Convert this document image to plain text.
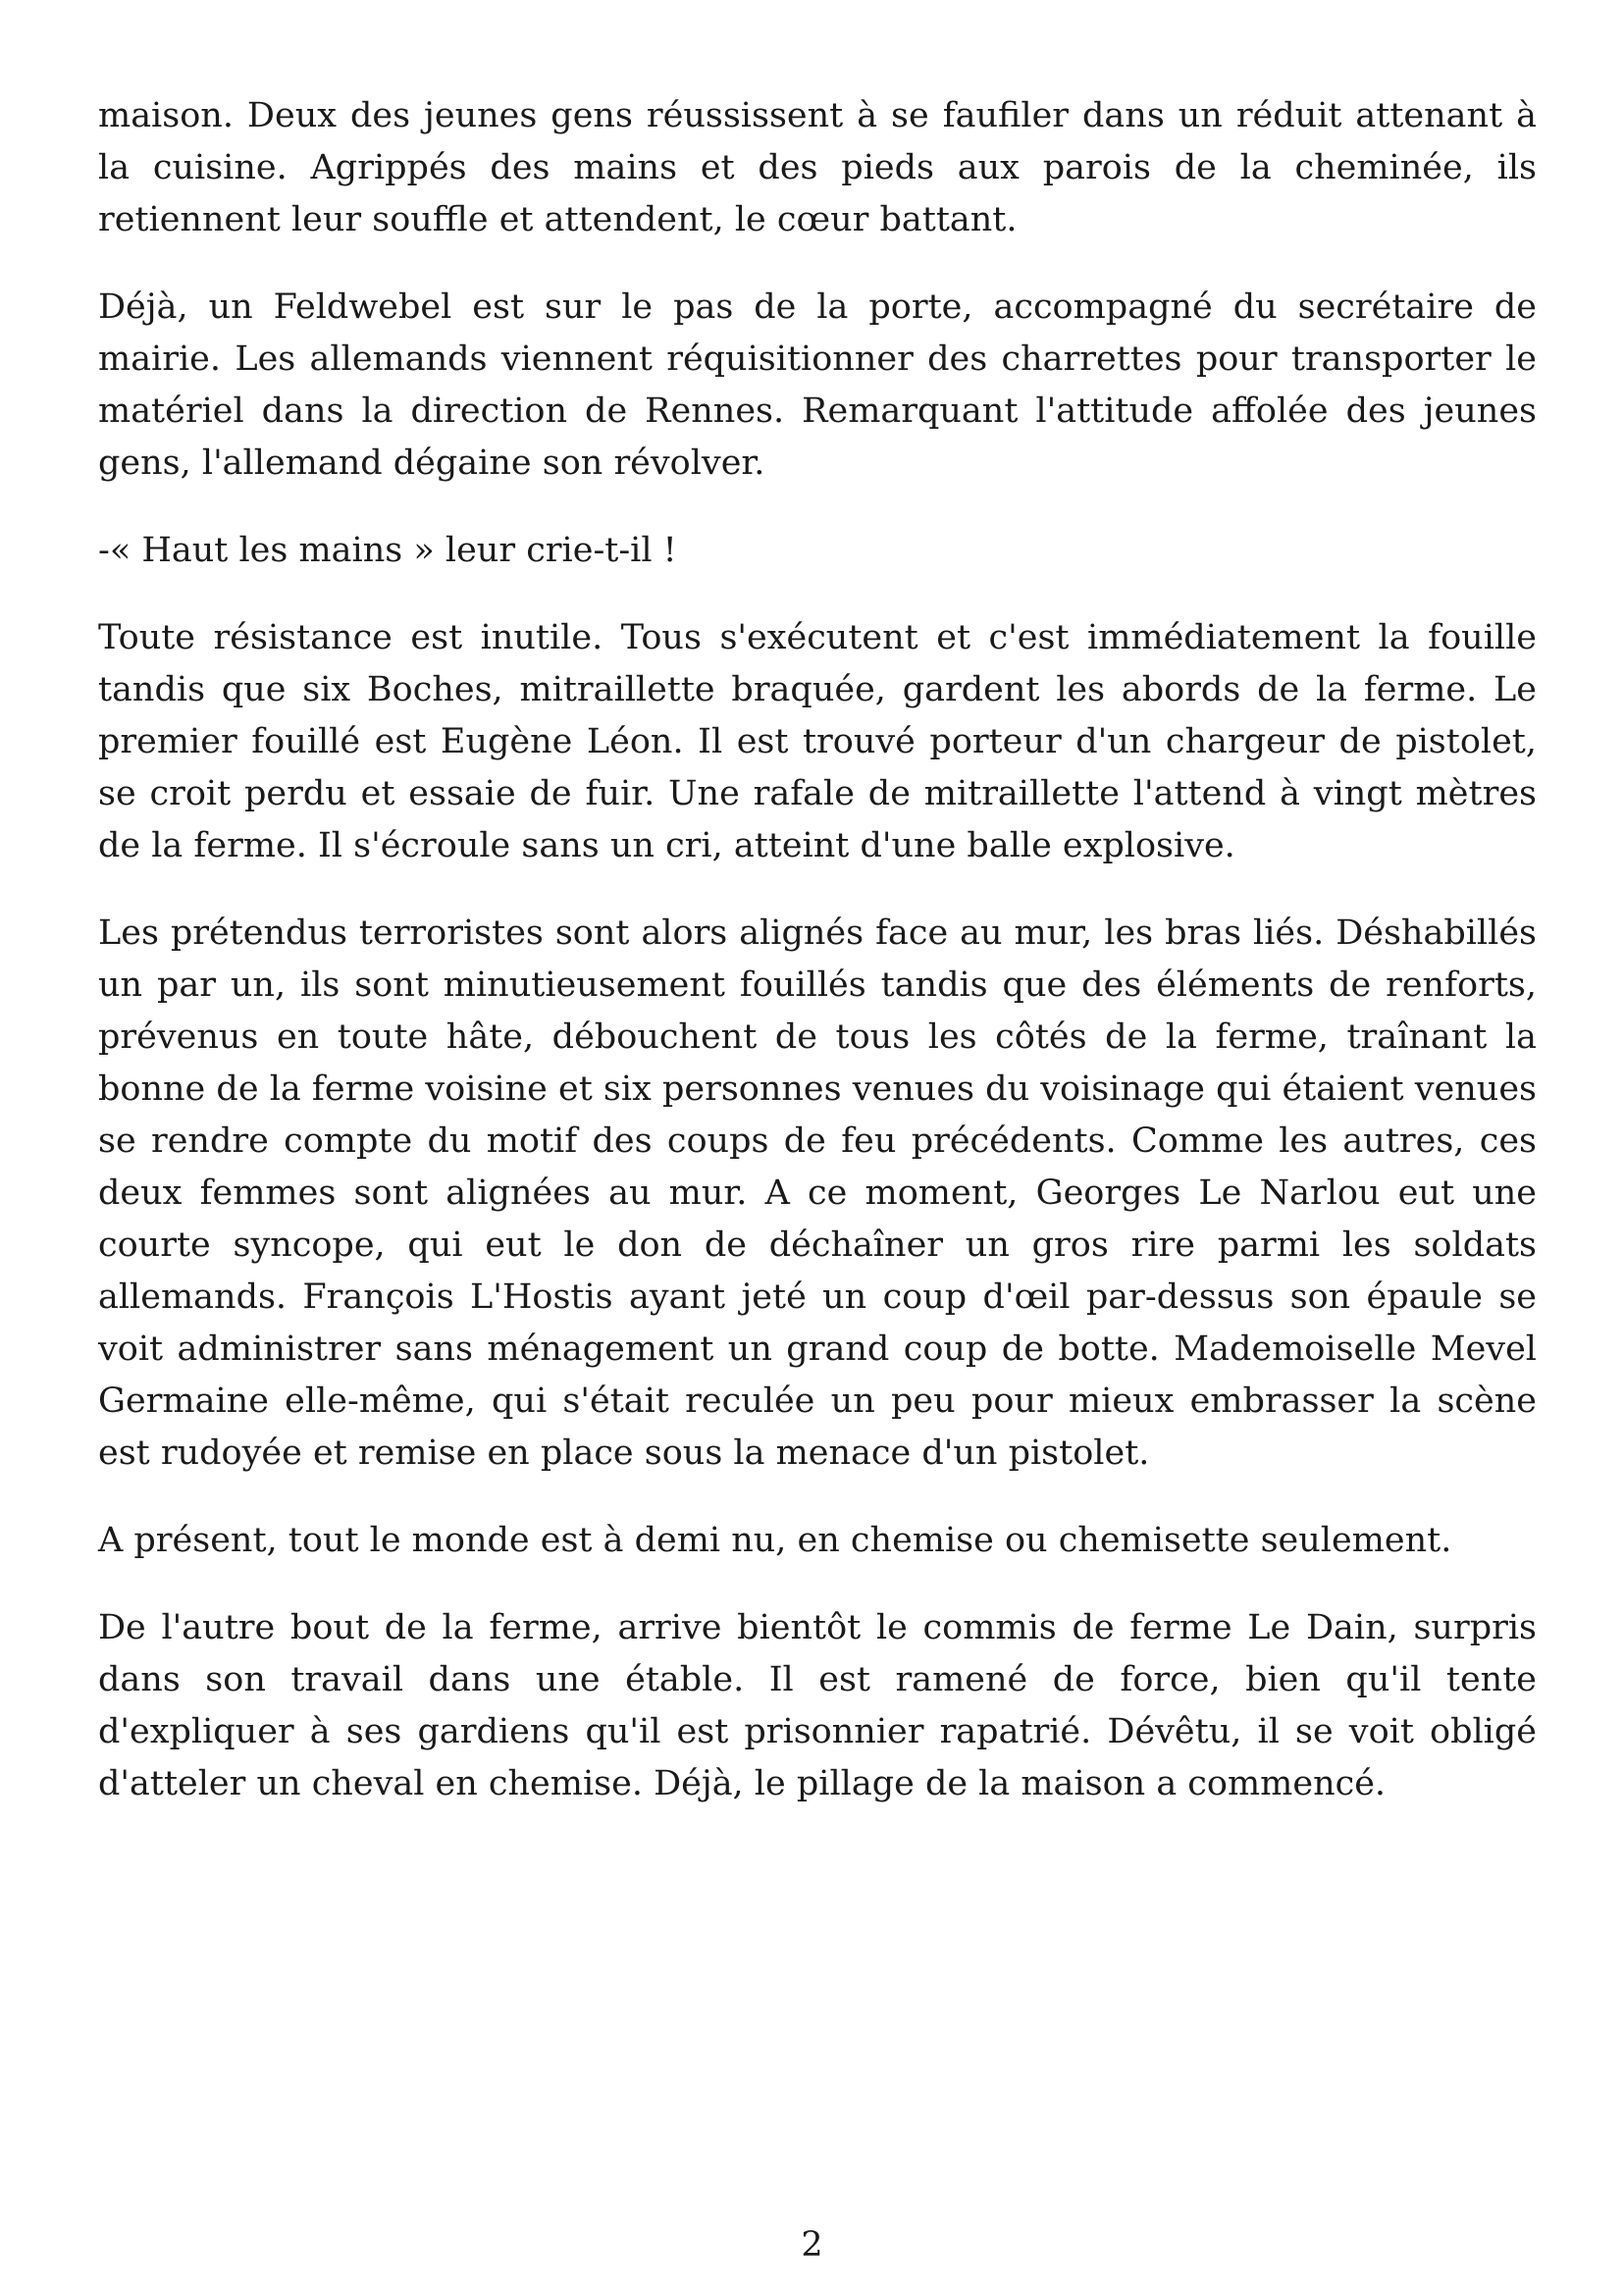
maison. Deux des jeunes gens réussissent à se faufiler dans un réduit attenant à la cuisine. Agrippés des mains et des pieds aux parois de la cheminée, ils retiennent leur souffle et attendent, le cœur battant.

Déjà, un Feldwebel est sur le pas de la porte, accompagné du secrétaire de mairie. Les allemands viennent réquisitionner des charrettes pour transporter le matériel dans la direction de Rennes. Remarquant l'attitude affolée des jeunes gens, l'allemand dégaine son révolver.

-« Haut les mains » leur crie-t-il !

Toute résistance est inutile. Tous s'exécutent et c'est immédiatement la fouille tandis que six Boches, mitraillette braquée, gardent les abords de la ferme. Le premier fouillé est Eugène Léon. Il est trouvé porteur d'un chargeur de pistolet, se croit perdu et essaie de fuir. Une rafale de mitraillette l'attend à vingt mètres de la ferme. Il s'écroule sans un cri, atteint d'une balle explosive.

Les prétendus terroristes sont alors alignés face au mur, les bras liés. Déshabillés un par un, ils sont minutieusement fouillés tandis que des éléments de renforts, prévenus en toute hâte, débouchent de tous les côtés de la ferme, traînant la bonne de la ferme voisine et six personnes venues du voisinage qui étaient venues se rendre compte du motif des coups de feu précédents. Comme les autres, ces deux femmes sont alignées au mur. A ce moment, Georges Le Narlou eut une courte syncope, qui eut le don de déchaîner un gros rire parmi les soldats allemands. François L'Hostis ayant jeté un coup d'œil par-dessus son épaule se voit administrer sans ménagement un grand coup de botte. Mademoiselle Mevel Germaine elle-même, qui s'était reculée un peu pour mieux embrasser la scène est rudoyée et remise en place sous la menace d'un pistolet.

A présent, tout le monde est à demi nu, en chemise ou chemisette seulement.

De l'autre bout de la ferme, arrive bientôt le commis de ferme Le Dain, surpris dans son travail dans une étable. Il est ramené de force, bien qu'il tente d'expliquer à ses gardiens qu'il est prisonnier rapatrié. Dévêtu, il se voit obligé d'atteler un cheval en chemise. Déjà, le pillage de la maison a commencé.

2
